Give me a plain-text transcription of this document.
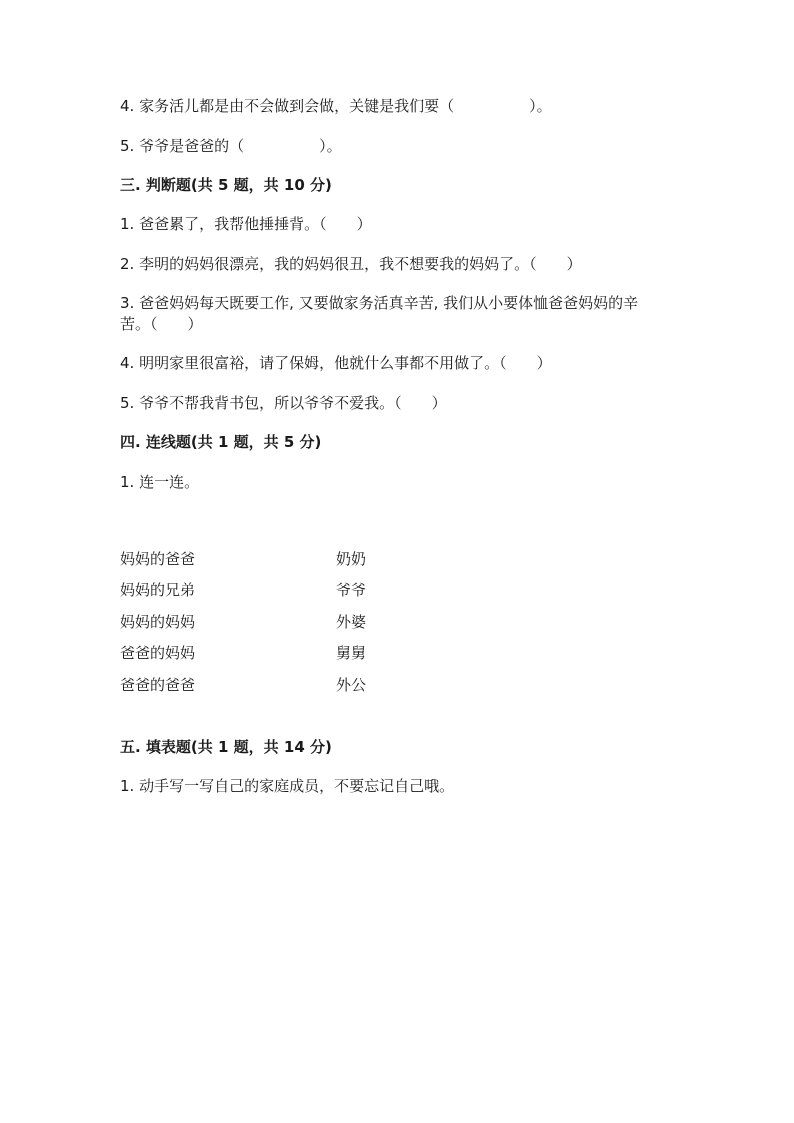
4. 家务活儿都是由不会做到会做，关键是我们要（　　　　　）。
5. 爷爷是爸爸的（　　　　　）。
三. 判断题(共 5 题，共 10 分)
1. 爸爸累了，我帮他捶捶背。（　　）
2. 李明的妈妈很漂亮，我的妈妈很丑，我不想要我的妈妈了。（　　）
3. 爸爸妈妈每天既要工作, 又要做家务活真辛苦, 我们从小要体恤爸爸妈妈的辛
苦。（　　）
4. 明明家里很富裕，请了保姆，他就什么事都不用做了。（　　）
5. 爷爷不帮我背书包，所以爷爷不爱我。（　　）
四. 连线题(共 1 题，共 5 分)
1. 连一连。
妈妈的爸爸
妈妈的兄弟
妈妈的妈妈
爸爸的妈妈
爸爸的爸爸
奶奶
爷爷
外婆
舅舅
外公
五. 填表题(共 1 题，共 14 分)
1. 动手写一写自己的家庭成员，不要忘记自己哦。
